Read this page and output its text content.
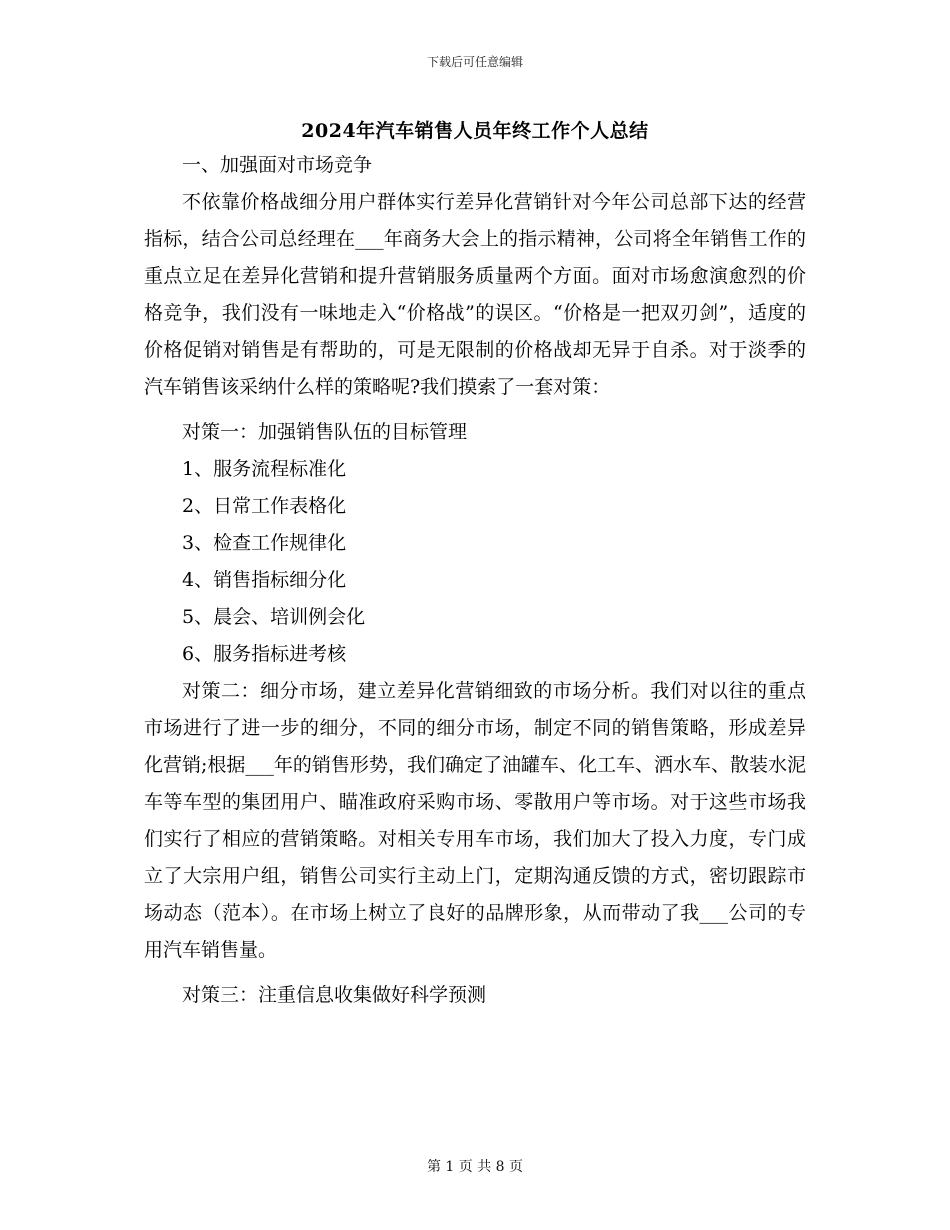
下载后可任意编辑
2024年汽车销售人员年终工作个人总结

一、加强面对市场竞争

不依靠价格战细分用户群体实行差异化营销针对今年公司总部下达的经营指标，结合公司总经理在___年商务大会上的指示精神，公司将全年销售工作的重点立足在差异化营销和提升营销服务质量两个方面。面对市场愈演愈烈的价格竞争，我们没有一味地走入“价格战”的误区。“价格是一把双刃剑”，适度的价格促销对销售是有帮助的，可是无限制的价格战却无异于自杀。对于淡季的汽车销售该采纳什么样的策略呢?我们摸索了一套对策：

对策一：加强销售队伍的目标管理

1、服务流程标准化

2、日常工作表格化

3、检查工作规律化

4、销售指标细分化

5、晨会、培训例会化

6、服务指标进考核

对策二：细分市场，建立差异化营销细致的市场分析。我们对以往的重点市场进行了进一步的细分，不同的细分市场，制定不同的销售策略，形成差异化营销;根据___年的销售形势，我们确定了油罐车、化工车、洒水车、散装水泥车等车型的集团用户、瞄准政府采购市场、零散用户等市场。对于这些市场我们实行了相应的营销策略。对相关专用车市场，我们加大了投入力度，专门成立了大宗用户组，销售公司实行主动上门，定期沟通反馈的方式，密切跟踪市场动态（范本）。在市场上树立了良好的品牌形象，从而带动了我___公司的专用汽车销售量。

对策三：注重信息收集做好科学预测

第 1 页 共 8 页
